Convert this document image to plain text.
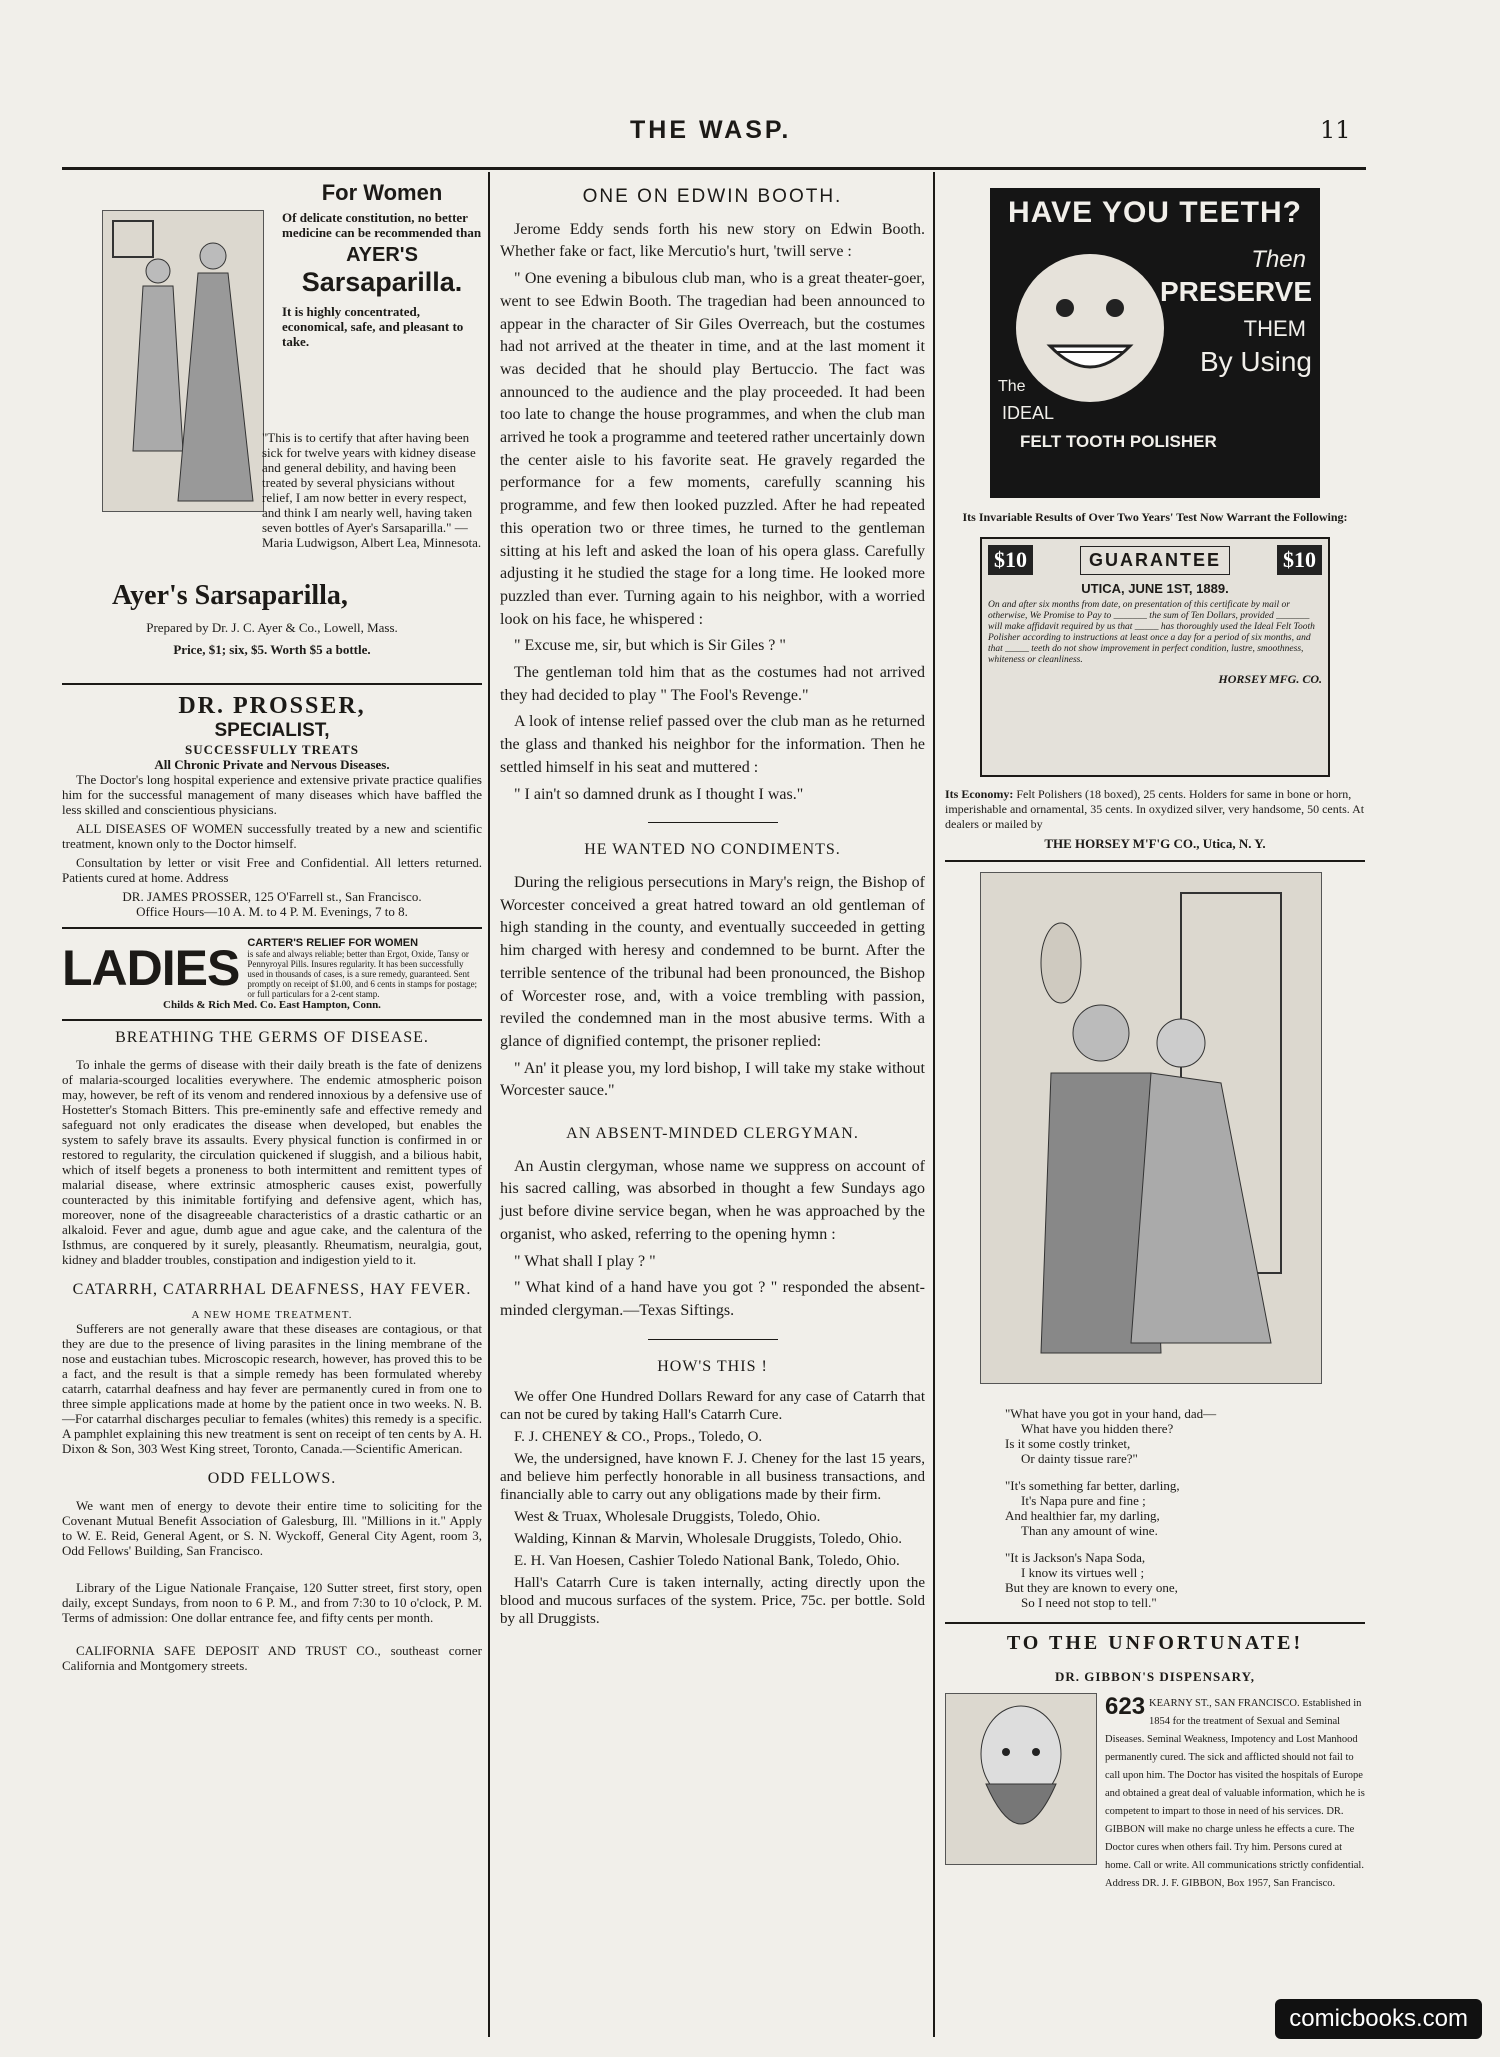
THE WASP.	11
For Women
Of delicate constitution, no better medicine can be recommended than
AYER'S
Sarsaparilla.
It is highly concentrated, economical, safe, and pleasant to take.
"This is to certify that after having been sick for twelve years with kidney disease and general debility, and having been treated by several physicians without relief, I am now better in every respect, and think I am nearly well, having taken seven bottles of Ayer's Sarsaparilla." — Maria Ludwigson, Albert Lea, Minnesota.
Ayer's Sarsaparilla,
Prepared by Dr. J. C. Ayer & Co., Lowell, Mass.
Price, $1; six, $5. Worth $5 a bottle.
DR. PROSSER,
SPECIALIST,
SUCCESSFULLY TREATS
All Chronic Private and Nervous Diseases.

The Doctor's long hospital experience and extensive private practice qualifies him for the successful management of many diseases which have baffled the less skilled and conscientious physicians.

ALL DISEASES OF WOMEN successfully treated by a new and scientific treatment, known only to the Doctor himself.

Consultation by letter or visit Free and Confidential. All letters returned. Patients cured at home. Address

DR. JAMES PROSSER, 125 O'Farrell st., San Francisco.
Office Hours—10 A. M. to 4 P. M. Evenings, 7 to 8.
LADIES CARTER'S RELIEF FOR WOMEN
is safe and always reliable; better than Ergot, Oxide, Tansy or Pennyroyal Pills. Insures regularity. It has been successfully used in thousands of cases, is a sure remedy, guaranteed. Sent promptly on receipt of $1.00, and 6 cents in stamps for postage; or full particulars for a 2-cent stamp.
Childs & Rich Med. Co. East Hampton, Conn.
BREATHING THE GERMS OF DISEASE.

To inhale the germs of disease with their daily breath is the fate of denizens of malaria-scourged localities everywhere. The endemic atmospheric poison may, however, be reft of its venom and rendered innoxious by a defensive use of Hostetter's Stomach Bitters. This pre-eminently safe and effective remedy and safeguard not only eradicates the disease when developed, but enables the system to safely brave its assaults. Every physical function is confirmed in or restored to regularity, the circulation quickened if sluggish, and a bilious habit, which of itself begets a proneness to both intermittent and remittent types of malarial disease, where extrinsic atmospheric causes exist, powerfully counteracted by this inimitable fortifying and defensive agent, which has, moreover, none of the disagreeable characteristics of a drastic cathartic or an alkaloid. Fever and ague, dumb ague and ague cake, and the calentura of the Isthmus, are conquered by it surely, pleasantly. Rheumatism, neuralgia, gout, kidney and bladder troubles, constipation and indigestion yield to it.

CATARRH, CATARRHAL DEAFNESS, HAY FEVER.
A NEW HOME TREATMENT.

Sufferers are not generally aware that these diseases are contagious, or that they are due to the presence of living parasites in the lining membrane of the nose and eustachian tubes. Microscopic research, however, has proved this to be a fact, and the result is that a simple remedy has been formulated whereby catarrh, catarrhal deafness and hay fever are permanently cured in from one to three simple applications made at home by the patient once in two weeks. N. B.—For catarrhal discharges peculiar to females (whites) this remedy is a specific. A pamphlet explaining this new treatment is sent on receipt of ten cents by A. H. Dixon & Son, 303 West King street, Toronto, Canada.—Scientific American.

ODD FELLOWS.

We want men of energy to devote their entire time to soliciting for the Covenant Mutual Benefit Association of Galesburg, Ill. "Millions in it." Apply to W. E. Reid, General Agent, or S. N. Wyckoff, General City Agent, room 3, Odd Fellows' Building, San Francisco.

Library of the Ligue Nationale Française, 120 Sutter street, first story, open daily, except Sundays, from noon to 6 P. M., and from 7:30 to 10 o'clock, P. M. Terms of admission: One dollar entrance fee, and fifty cents per month.

CALIFORNIA SAFE DEPOSIT AND TRUST CO., southeast corner California and Montgomery streets.

ONE ON EDWIN BOOTH.

Jerome Eddy sends forth his new story on Edwin Booth. Whether fake or fact, like Mercutio's hurt, 'twill serve :

" One evening a bibulous club man, who is a great theater-goer, went to see Edwin Booth. The tragedian had been announced to appear in the character of Sir Giles Overreach, but the costumes had not arrived at the theater in time, and at the last moment it was decided that he should play Bertuccio. The fact was announced to the audience and the play proceeded. It had been too late to change the house programmes, and when the club man arrived he took a programme and teetered rather uncertainly down the center aisle to his favorite seat. He gravely regarded the performance for a few moments, carefully scanning his programme, and few then looked puzzled. After he had repeated this operation two or three times, he turned to the gentleman sitting at his left and asked the loan of his opera glass. Carefully adjusting it he studied the stage for a long time. He looked more puzzled than ever. Turning again to his neighbor, with a worried look on his face, he whispered :

" Excuse me, sir, but which is Sir Giles ? "

The gentleman told him that as the costumes had not arrived they had decided to play " The Fool's Revenge."

A look of intense relief passed over the club man as he returned the glass and thanked his neighbor for the information. Then he settled himself in his seat and muttered :

" I ain't so damned drunk as I thought I was."

HE WANTED NO CONDIMENTS.

During the religious persecutions in Mary's reign, the Bishop of Worcester conceived a great hatred toward an old gentleman of high standing in the county, and eventually succeeded in getting him charged with heresy and condemned to be burnt. After the terrible sentence of the tribunal had been pronounced, the Bishop of Worcester rose, and, with a voice trembling with passion, reviled the condemned man in the most abusive terms. With a glance of dignified contempt, the prisoner replied:

" An' it please you, my lord bishop, I will take my stake without Worcester sauce."

AN ABSENT-MINDED CLERGYMAN.

An Austin clergyman, whose name we suppress on account of his sacred calling, was absorbed in thought a few Sundays ago just before divine service began, when he was approached by the organist, who asked, referring to the opening hymn :

" What shall I play ? "

" What kind of a hand have you got ? " responded the absent-minded clergyman.—Texas Siftings.

HOW'S THIS !

We offer One Hundred Dollars Reward for any case of Catarrh that can not be cured by taking Hall's Catarrh Cure.

F. J. CHENEY & CO., Props., Toledo, O.

We, the undersigned, have known F. J. Cheney for the last 15 years, and believe him perfectly honorable in all business transactions, and financially able to carry out any obligations made by their firm.

West & Truax, Wholesale Druggists, Toledo, Ohio.

Walding, Kinnan & Marvin, Wholesale Druggists, Toledo, Ohio.

E. H. Van Hoesen, Cashier Toledo National Bank, Toledo, Ohio.

Hall's Catarrh Cure is taken internally, acting directly upon the blood and mucous surfaces of the system. Price, 75c. per bottle. Sold by all Druggists.

HAVE YOU TEETH?
Then
PRESERVE
THEM
By Using
The
IDEAL
FELT TOOTH POLISHER
Its Invariable Results of Over Two Years' Test Now Warrant the Following:
$10	GUARANTEE	$10
UTICA, JUNE 1ST, 1889.
On and after six months from date, on presentation of this certificate by mail or otherwise, We Promise to Pay to _______ the sum of Ten Dollars, provided _______ will make affidavit required by us that _____ has thoroughly used the Ideal Felt Tooth Polisher according to instructions at least once a day for a period of six months, and that _____ teeth do not show improvement in perfect condition, lustre, smoothness, whiteness or cleanliness.
HORSEY MFG. CO.
Its Economy: Felt Polishers (18 boxed), 25 cents. Holders for same in bone or horn, imperishable and ornamental, 35 cents. In oxydized silver, very handsome, 50 cents. At dealers or mailed by
THE HORSEY M'F'G CO., Utica, N. Y.

"What have you got in your hand, dad—

What have you hidden there?

Is it some costly trinket,

Or dainty tissue rare?"

"It's something far better, darling,

It's Napa pure and fine ;

And healthier far, my darling,

Than any amount of wine.

"It is Jackson's Napa Soda,

I know its virtues well ;

But they are known to every one,

So I need not stop to tell."

TO THE UNFORTUNATE!
DR. GIBBON'S DISPENSARY,
623 KEARNY ST., SAN FRANCISCO. Established in 1854 for the treatment of Sexual and Seminal Diseases. Seminal Weakness, Impotency and Lost Manhood permanently cured. The sick and afflicted should not fail to call upon him. The Doctor has visited the hospitals of Europe and obtained a great deal of valuable information, which he is competent to impart to those in need of his services. DR. GIBBON will make no charge unless he effects a cure. The Doctor cures when others fail. Try him. Persons cured at home. Call or write. All communications strictly confidential. Address DR. J. F. GIBBON, Box 1957, San Francisco.
comicbooks.com
